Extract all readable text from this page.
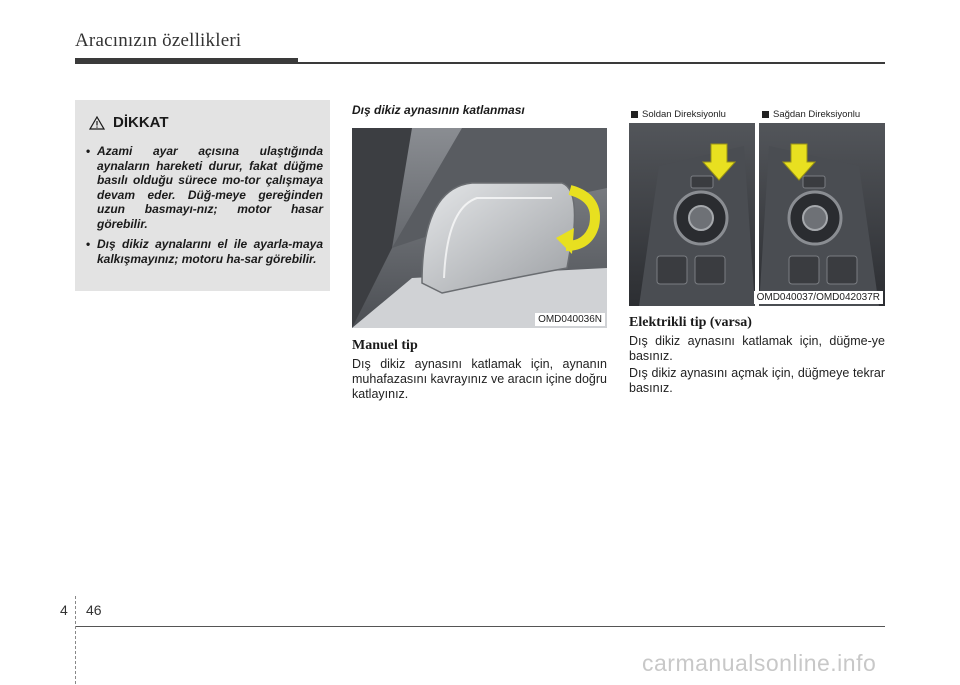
Aracınızın özellikleri
DİKKAT
• Azami ayar açısına ulaştığında aynaların hareketi durur, fakat düğme basılı olduğu sürece mo-tor çalışmaya devam eder. Düğ-meye gereğinden uzun basmayı-nız; motor hasar görebilir.
• Dış dikiz aynalarını el ile ayarla-maya kalkışmayınız; motoru ha-sar görebilir.
Dış dikiz aynasının katlanması
OMD040036N
Manuel tip
Dış dikiz aynasını katlamak için, aynanın muhafazasını kavrayınız ve aracın içine doğru katlayınız.
Soldan Direksiyonlu	Sağdan Direksiyonlu
OMD040037/OMD042037R
Elektrikli tip (varsa)
Dış dikiz aynasını katlamak için, düğme-ye basınız.
Dış dikiz aynasını açmak için, düğmeye tekrar basınız.
4 46
carmanualsonline.info
